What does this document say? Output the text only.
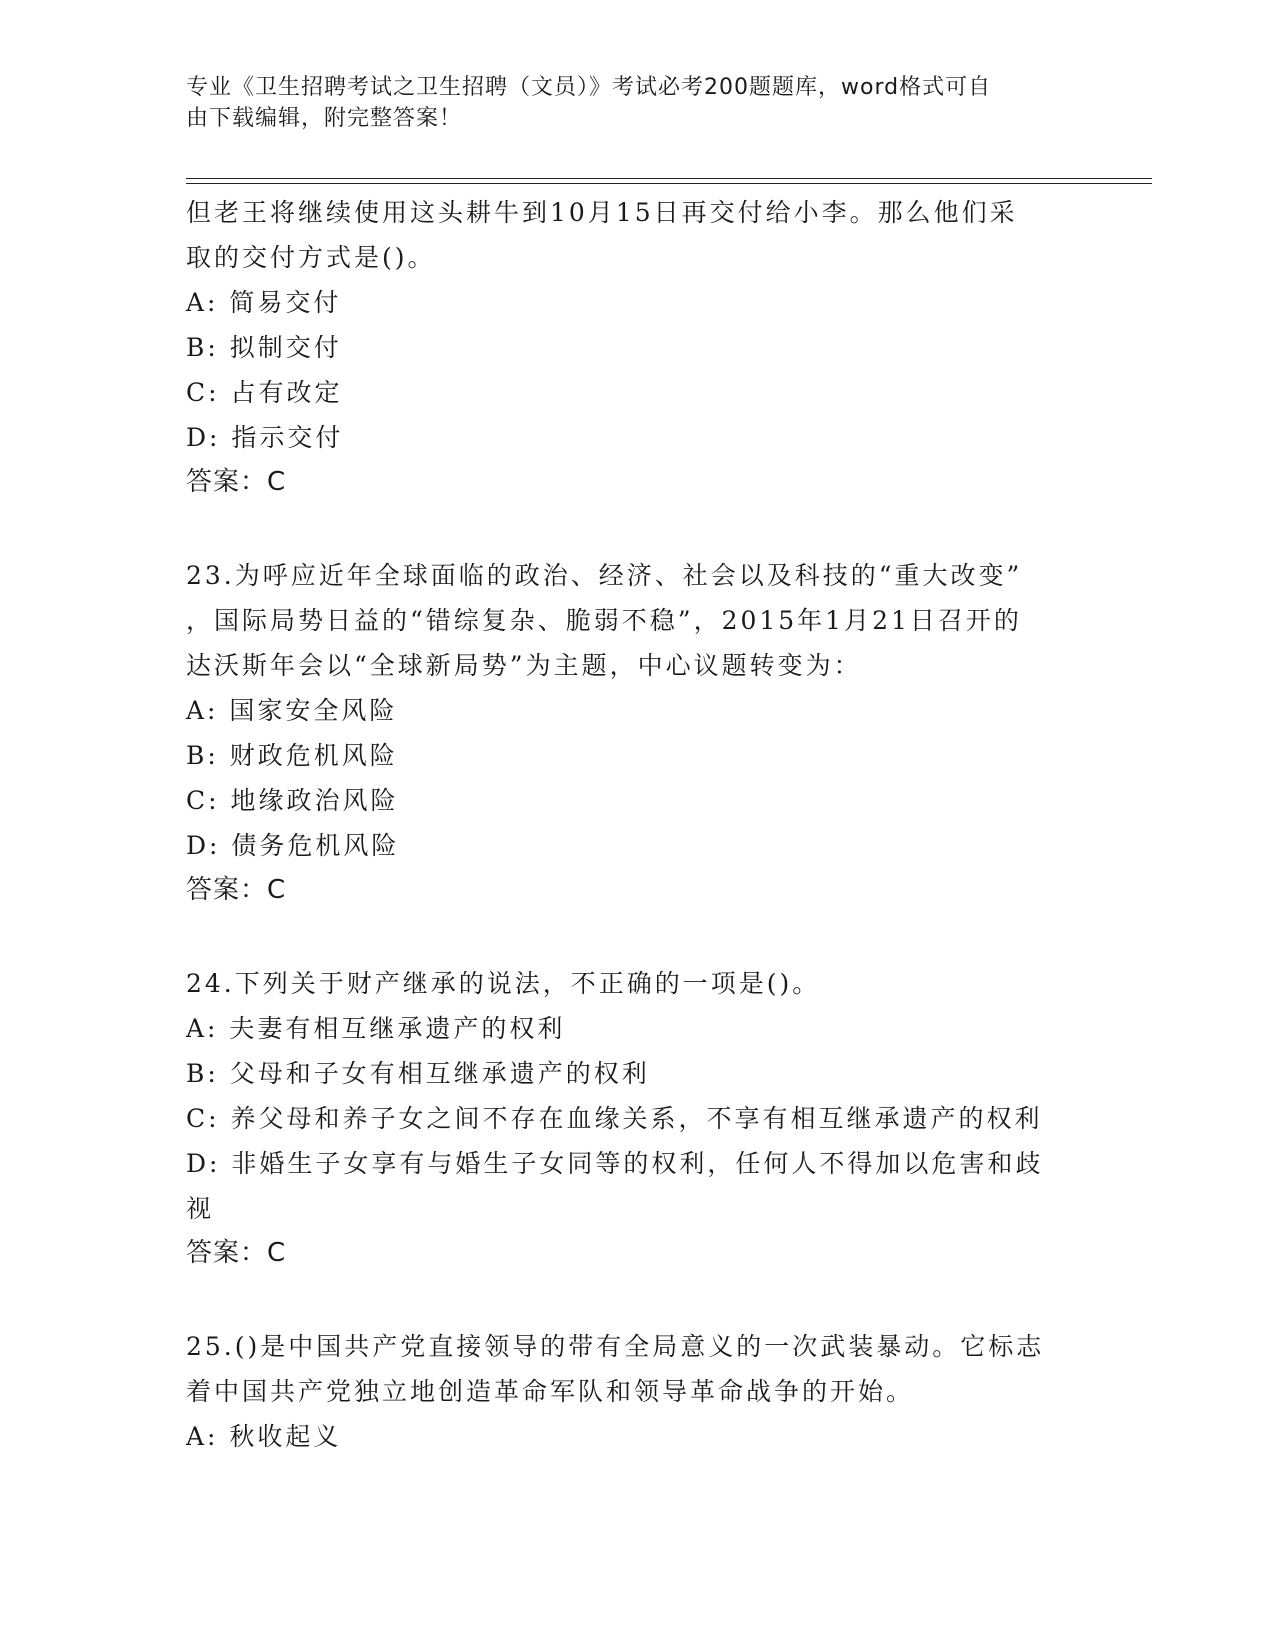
专业《卫生招聘考试之卫生招聘（文员）》考试必考200题题库，word格式可自
由下载编辑，附完整答案！
但老王将继续使用这头耕牛到10月15日再交付给小李。那么他们采
取的交付方式是()。
A: 简易交付
B: 拟制交付
C: 占有改定
D: 指示交付
答案：C
23.为呼应近年全球面临的政治、经济、社会以及科技的“重大改变”
，国际局势日益的“错综复杂、脆弱不稳”，2015年1月21日召开的
达沃斯年会以“全球新局势”为主题，中心议题转变为：
A: 国家安全风险
B: 财政危机风险
C: 地缘政治风险
D: 债务危机风险
答案：C
24.下列关于财产继承的说法，不正确的一项是()。
A: 夫妻有相互继承遗产的权利
B: 父母和子女有相互继承遗产的权利
C: 养父母和养子女之间不存在血缘关系，不享有相互继承遗产的权利
D: 非婚生子女享有与婚生子女同等的权利，任何人不得加以危害和歧
视
答案：C
25.()是中国共产党直接领导的带有全局意义的一次武装暴动。它标志
着中国共产党独立地创造革命军队和领导革命战争的开始。
A: 秋收起义
